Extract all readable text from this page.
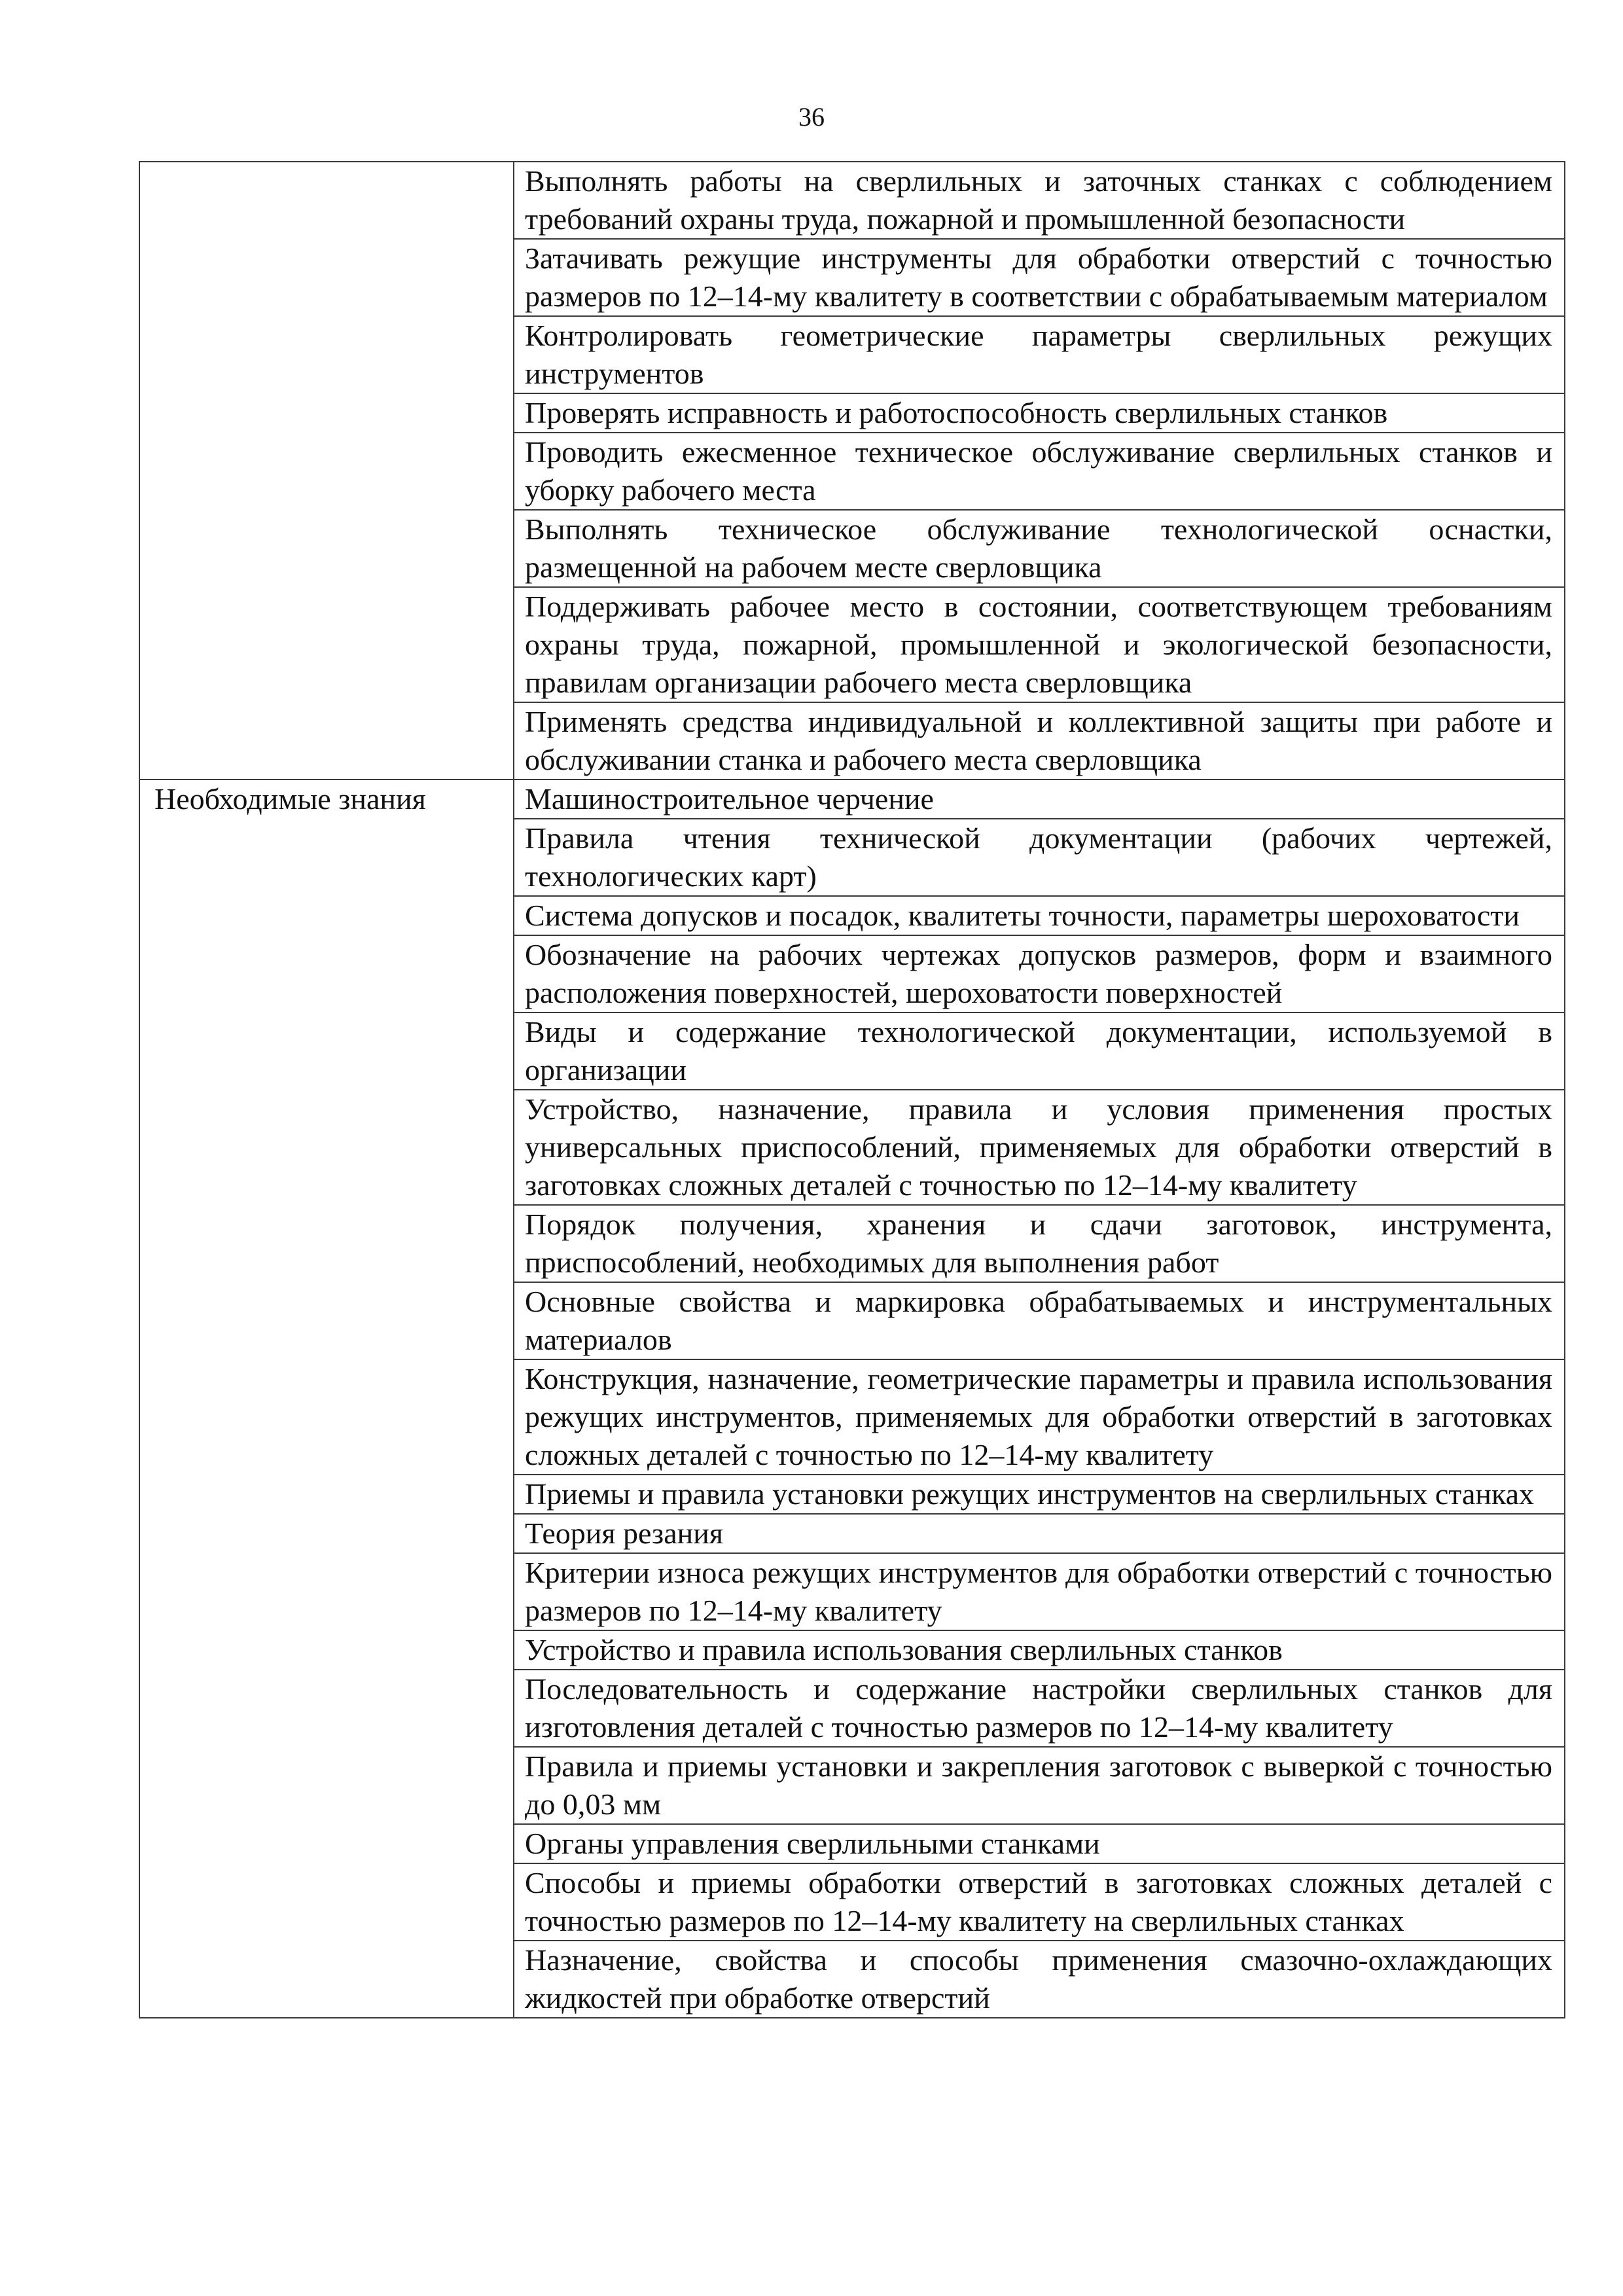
36
	Выполнять работы на сверлильных и заточных станках с соблюдением требований охраны труда, пожарной и промышленной безопасности
	Затачивать режущие инструменты для обработки отверстий с точностью размеров по 12–14-му квалитету в соответствии с обрабатываемым материалом
	Контролировать геометрические параметры сверлильных режущих инструментов
	Проверять исправность и работоспособность сверлильных станков
	Проводить ежесменное техническое обслуживание сверлильных станков и уборку рабочего места
	Выполнять техническое обслуживание технологической оснастки, размещенной на рабочем месте сверловщика
	Поддерживать рабочее место в состоянии, соответствующем требованиям охраны труда, пожарной, промышленной и экологической безопасности, правилам организации рабочего места сверловщика
	Применять средства индивидуальной и коллективной защиты при работе и обслуживании станка и рабочего места сверловщика
Необходимые знания	Машиностроительное черчение
	Правила чтения технической документации (рабочих чертежей, технологических карт)
	Система допусков и посадок, квалитеты точности, параметры шероховатости
	Обозначение на рабочих чертежах допусков размеров, форм и взаимного расположения поверхностей, шероховатости поверхностей
	Виды и содержание технологической документации, используемой в организации
	Устройство, назначение, правила и условия применения простых универсальных приспособлений, применяемых для обработки отверстий в заготовках сложных деталей с точностью по 12–14-му квалитету
	Порядок получения, хранения и сдачи заготовок, инструмента, приспособлений, необходимых для выполнения работ
	Основные свойства и маркировка обрабатываемых и инструментальных материалов
	Конструкция, назначение, геометрические параметры и правила использования режущих инструментов, применяемых для обработки отверстий в заготовках сложных деталей с точностью по 12–14-му квалитету
	Приемы и правила установки режущих инструментов на сверлильных станках
	Теория резания
	Критерии износа режущих инструментов для обработки отверстий с точностью размеров по 12–14-му квалитету
	Устройство и правила использования сверлильных станков
	Последовательность и содержание настройки сверлильных станков для изготовления деталей с точностью размеров по 12–14-му квалитету
	Правила и приемы установки и закрепления заготовок с выверкой с точностью до 0,03 мм
	Органы управления сверлильными станками
	Способы и приемы обработки отверстий в заготовках сложных деталей с точностью размеров по 12–14-му квалитету на сверлильных станках
	Назначение, свойства и способы применения смазочно-охлаждающих жидкостей при обработке отверстий
